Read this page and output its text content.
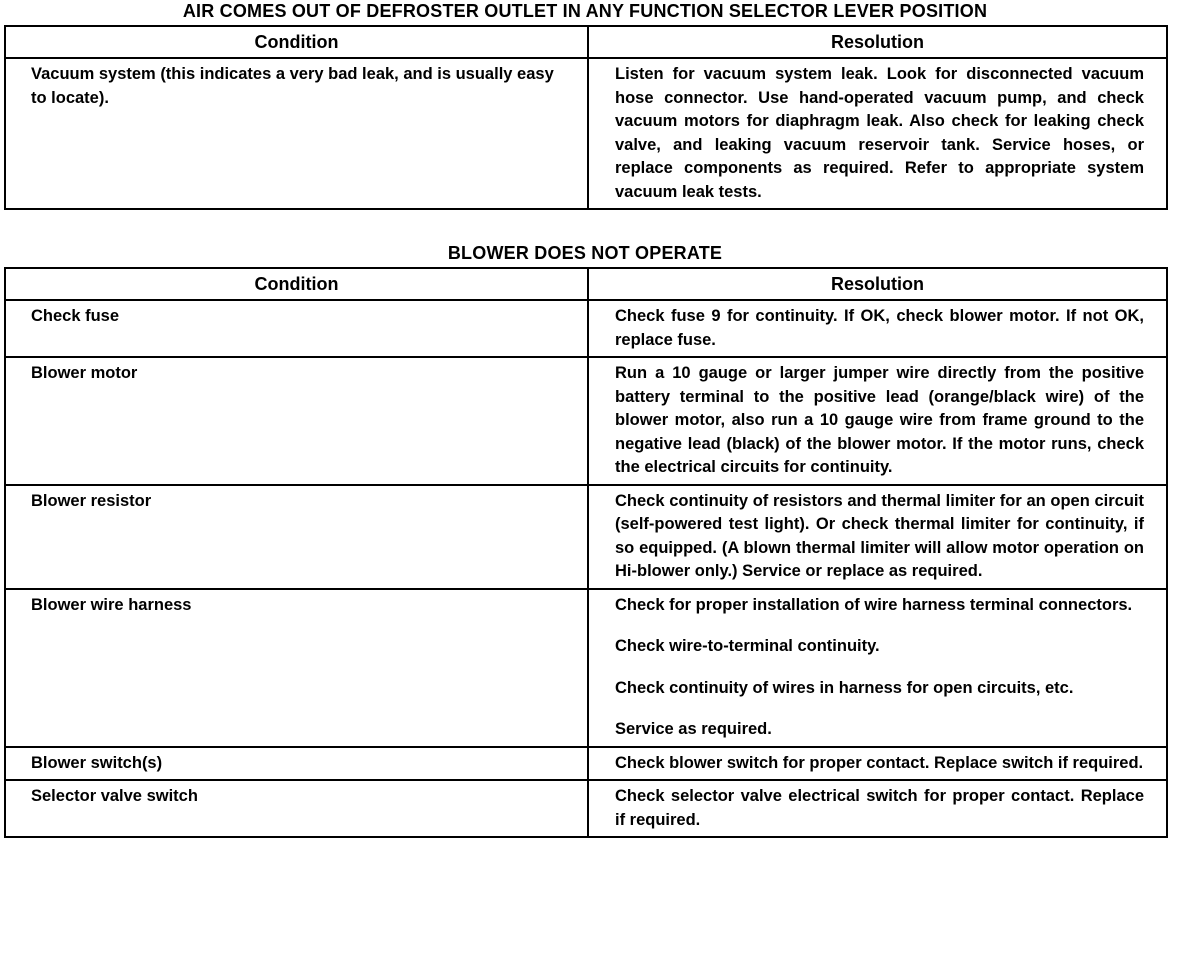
AIR COMES OUT OF DEFROSTER OUTLET IN ANY FUNCTION SELECTOR LEVER POSITION
Condition	Resolution
Vacuum system (this indicates a very bad leak, and is usually easy to locate).	Listen for vacuum system leak. Look for disconnected vacuum hose connector. Use hand-operated vacuum pump, and check vacuum motors for diaphragm leak. Also check for leaking check valve, and leaking vacuum reservoir tank. Service hoses, or replace components as required. Refer to appropriate system vacuum leak tests.

BLOWER DOES NOT OPERATE
Condition	Resolution
Check fuse	Check fuse 9 for continuity. If OK, check blower motor. If not OK, replace fuse.

Blower motor	Run a 10 gauge or larger jumper wire directly from the positive battery terminal to the positive lead (orange/black wire) of the blower motor, also run a 10 gauge wire from frame ground to the negative lead (black) of the blower motor. If the motor runs, check the electrical circuits for continuity.

Blower resistor	Check continuity of resistors and thermal limiter for an open circuit (self-powered test light). Or check thermal limiter for continuity, if so equipped. (A blown thermal limiter will allow motor operation on Hi-blower only.) Service or replace as required.

Blower wire harness	Check for proper installation of wire harness terminal connectors.

Check wire-to-terminal continuity.

Check continuity of wires in harness for open circuits, etc.

Service as required.

Blower switch(s)	Check blower switch for proper contact. Replace switch if required.

Selector valve switch	Check selector valve electrical switch for proper contact. Replace if required.
